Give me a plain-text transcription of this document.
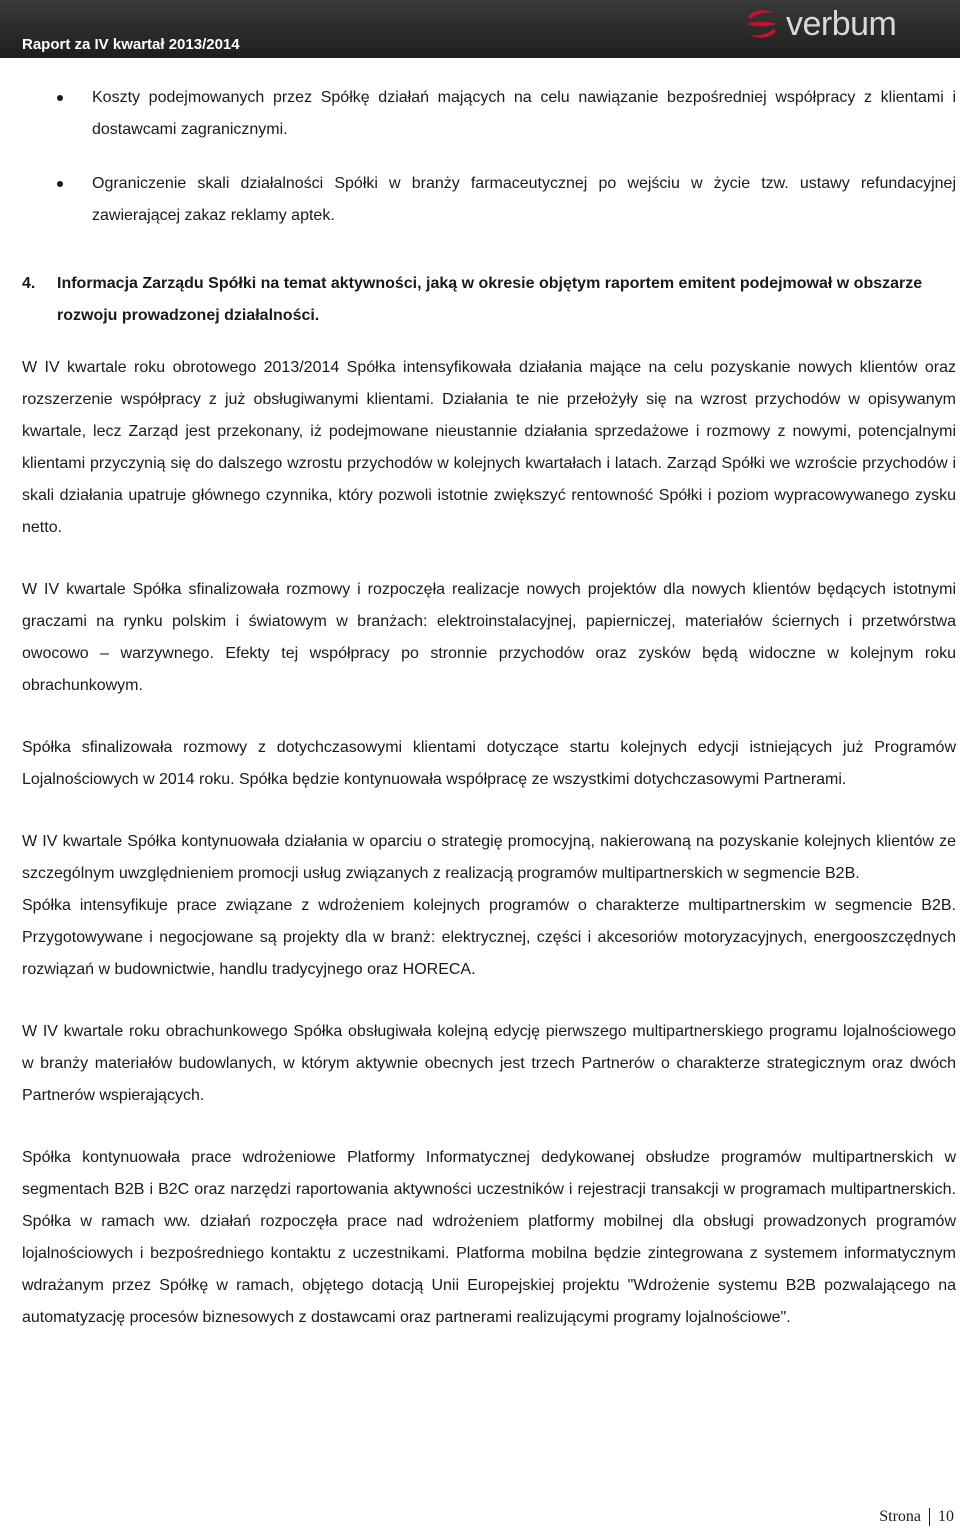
Raport za IV kwartał 2013/2014
verbum
Koszty podejmowanych przez Spółkę działań mających na celu nawiązanie bezpośredniej współpracy z klientami i dostawcami zagranicznymi.
Ograniczenie skali działalności Spółki w branży farmaceutycznej po wejściu w życie tzw. ustawy refundacyjnej zawierającej zakaz reklamy aptek.
4. Informacja Zarządu Spółki na temat aktywności, jaką w okresie objętym raportem emitent podejmował w obszarze rozwoju prowadzonej działalności.

W IV kwartale roku obrotowego 2013/2014 Spółka intensyfikowała działania mające na celu pozyskanie nowych klientów oraz rozszerzenie współpracy z już obsługiwanymi klientami. Działania te nie przełożyły się na wzrost przychodów w opisywanym kwartale, lecz Zarząd jest przekonany, iż podejmowane nieustannie działania sprzedażowe i rozmowy z nowymi, potencjalnymi klientami przyczynią się do dalszego wzrostu przychodów w kolejnych kwartałach i latach. Zarząd Spółki we wzroście przychodów i skali działania upatruje głównego czynnika, który pozwoli istotnie zwiększyć rentowność Spółki i poziom wypracowywanego zysku netto.

W IV kwartale Spółka sfinalizowała rozmowy i rozpoczęła realizacje nowych projektów dla nowych klientów będących istotnymi graczami na rynku polskim i światowym w branżach: elektroinstalacyjnej, papierniczej, materiałów ściernych i przetwórstwa owocowo – warzywnego. Efekty tej współpracy po stronnie przychodów oraz zysków będą widoczne w kolejnym roku obrachunkowym.

Spółka sfinalizowała rozmowy z dotychczasowymi klientami dotyczące startu kolejnych edycji istniejących już Programów Lojalnościowych w 2014 roku. Spółka będzie kontynuowała współpracę ze wszystkimi dotychczasowymi Partnerami.

W IV kwartale Spółka kontynuowała działania w oparciu o strategię promocyjną, nakierowaną na pozyskanie kolejnych klientów ze szczególnym uwzględnieniem promocji usług związanych z realizacją programów multipartnerskich w segmencie B2B.

Spółka intensyfikuje prace związane z wdrożeniem kolejnych programów o charakterze multipartnerskim w segmencie B2B. Przygotowywane i negocjowane są projekty dla w branż: elektrycznej, części i akcesoriów motoryzacyjnych, energooszczędnych rozwiązań w budownictwie, handlu tradycyjnego oraz HORECA.

W IV kwartale roku obrachunkowego Spółka obsługiwała kolejną edycję pierwszego multipartnerskiego programu lojalnościowego w branży materiałów budowlanych, w którym aktywnie obecnych jest trzech Partnerów o charakterze strategicznym oraz dwóch Partnerów wspierających.

Spółka kontynuowała prace wdrożeniowe Platformy Informatycznej dedykowanej obsłudze programów multipartnerskich w segmentach B2B i B2C oraz narzędzi raportowania aktywności uczestników i rejestracji transakcji w programach multipartnerskich. Spółka w ramach ww. działań rozpoczęła prace nad wdrożeniem platformy mobilnej dla obsługi prowadzonych programów lojalnościowych i bezpośredniego kontaktu z uczestnikami. Platforma mobilna będzie zintegrowana z systemem informatycznym wdrażanym przez Spółkę w ramach, objętego dotacją Unii Europejskiej projektu "Wdrożenie systemu B2B pozwalającego na automatyzację procesów biznesowych z dostawcami oraz partnerami realizującymi programy lojalnościowe".

Strona 10
